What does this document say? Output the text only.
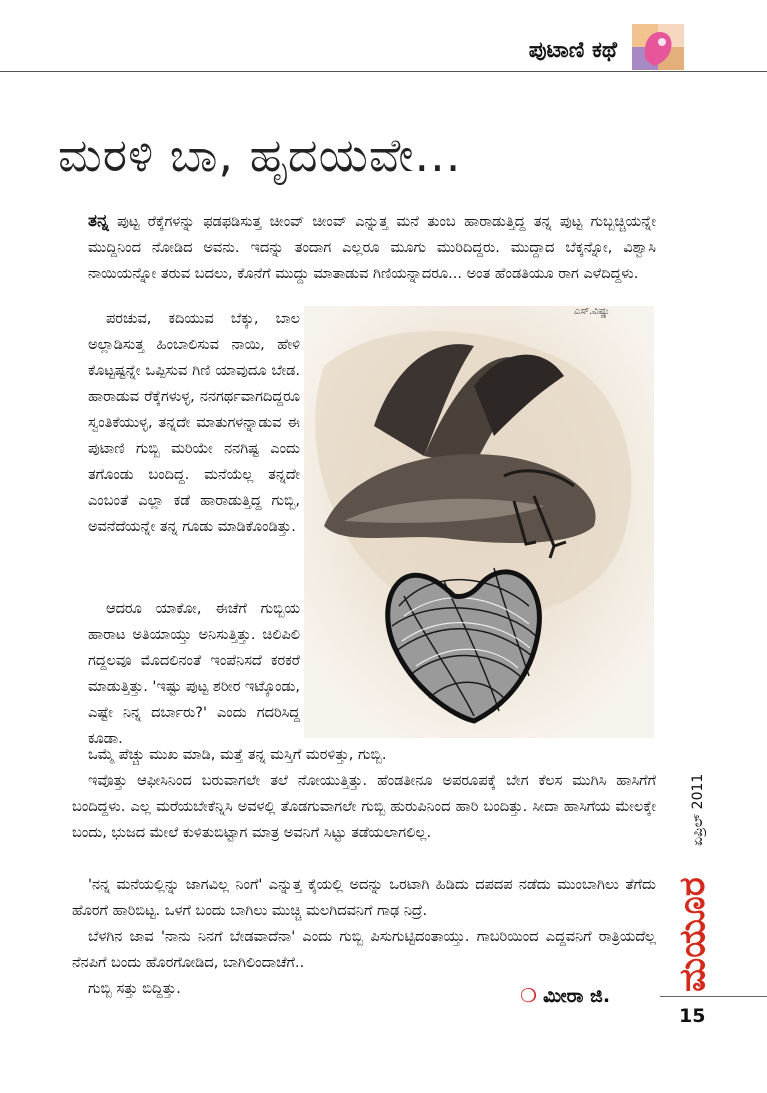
ಪುಟಾಣಿ ಕಥೆ
ಮರಳಿ ಬಾ, ಹೃದಯವೇ...

ತನ್ನ ಪುಟ್ಟ ರೆಕ್ಕೆಗಳನ್ನು ಫಡಫಡಿಸುತ್ತ ಚೀಂವ್ ಚೀಂವ್ ಎನ್ನುತ್ತ ಮನೆ ತುಂಬ ಹಾರಾಡುತ್ತಿದ್ದ ತನ್ನ ಪುಟ್ಟ ಗುಬ್ಬಚ್ಚಿಯನ್ನೇ ಮುದ್ದಿನಿಂದ ನೋಡಿದ ಅವನು. ಇದನ್ನು ತಂದಾಗ ಎಲ್ಲರೂ ಮೂಗು ಮುರಿದಿದ್ದರು. ಮುದ್ದಾದ ಬೆಕ್ಕನ್ನೋ, ವಿಶ್ವಾಸಿ ನಾಯಿಯನ್ನೋ ತರುವ ಬದಲು, ಕೊನೆಗೆ ಮುದ್ದು ಮಾತಾಡುವ ಗಿಣಿಯನ್ನಾದರೂ... ಅಂತ ಹೆಂಡತಿಯೂ ರಾಗ ಎಳೆದಿದ್ದಳು.

ಪರಚುವ, ಕದಿಯುವ ಬೆಕ್ಕು, ಬಾಲ ಅಲ್ಲಾಡಿಸುತ್ತ ಹಿಂಬಾಲಿಸುವ ನಾಯಿ, ಹೇಳಿ ಕೊಟ್ಟಷ್ಟನ್ನೇ ಒಪ್ಪಿಸುವ ಗಿಣಿ ಯಾವುದೂ ಬೇಡ. ಹಾರಾಡುವ ರೆಕ್ಕೆಗಳುಳ್ಳ, ನನಗರ್ಥವಾಗದಿದ್ದರೂ ಸ್ವಂತಿಕೆಯುಳ್ಳ, ತನ್ನದೇ ಮಾತುಗಳನ್ನಾಡುವ ಈ ಪುಟಾಣಿ ಗುಬ್ಬಿ ಮರಿಯೇ ನನಗಿಷ್ಟ ಎಂದು ತಗೊಂಡು ಬಂದಿದ್ದ. ಮನೆಯೆಲ್ಲ ತನ್ನದೇ ಎಂಬಂತೆ ಎಲ್ಲಾ ಕಡೆ ಹಾರಾಡುತ್ತಿದ್ದ ಗುಬ್ಬಿ, ಅವನೆದೆಯನ್ನೇ ತನ್ನ ಗೂಡು ಮಾಡಿಕೊಂಡಿತ್ತು.

ಆದರೂ ಯಾಕೋ, ಈಚೆಗೆ ಗುಬ್ಬಿಯ ಹಾರಾಟ ಅತಿಯಾಯ್ತು ಅನಿಸುತ್ತಿತ್ತು. ಚಿಲಿಪಿಲಿ ಗದ್ದಲವೂ ಮೊದಲಿನಂತೆ ಇಂಪೆನಿಸದೆ ಕರಕರೆ ಮಾಡುತ್ತಿತ್ತು. 'ಇಷ್ಟು ಪುಟ್ಟ ಶರೀರ ಇಟ್ಕೊಂಡು, ಎಷ್ಟೇ ನಿನ್ನ ದರ್ಬಾರು?' ಎಂದು ಗದರಿಸಿದ್ದ ಕೂಡಾ.

ಎಸ್.ವಿಷ್ಣು

ಒಮ್ಮೆ ಪೆಚ್ಚು ಮುಖ ಮಾಡಿ, ಮತ್ತೆ ತನ್ನ ಮಸ್ತಿಗೆ ಮರಳಿತ್ತು, ಗುಬ್ಬಿ.

ಇವೊತ್ತು ಆಫೀಸಿನಿಂದ ಬರುವಾಗಲೇ ತಲೆ ನೋಯುತ್ತಿತ್ತು. ಹೆಂಡತೀನೂ ಅಪರೂಪಕ್ಕೆ ಬೇಗ ಕೆಲಸ ಮುಗಿಸಿ ಹಾಸಿಗೆಗೆ ಬಂದಿದ್ದಳು. ಎಲ್ಲ ಮರೆಯಬೇಕೆನ್ನಿಸಿ ಅವಳಲ್ಲಿ ತೊಡಗುವಾಗಲೇ ಗುಬ್ಬಿ ಹುರುಪಿನಿಂದ ಹಾರಿ ಬಂದಿತ್ತು. ಸೀದಾ ಹಾಸಿಗೆಯ ಮೇಲಕ್ಕೇ ಬಂದು, ಭುಜದ ಮೇಲೆ ಕುಳಿತುಬಿಟ್ಟಾಗ ಮಾತ್ರ ಅವನಿಗೆ ಸಿಟ್ಟು ತಡೆಯಲಾಗಲಿಲ್ಲ.

'ನನ್ನ ಮನೆಯಲ್ಲಿನ್ನು ಜಾಗವಿಲ್ಲ ನಿಂಗೆ' ಎನ್ನುತ್ತ ಕೈಯಲ್ಲಿ ಅದನ್ನು ಒರಟಾಗಿ ಹಿಡಿದು ದಪದಪ ನಡೆದು ಮುಂಬಾಗಿಲು ತೆಗೆದು ಹೊರಗೆ ಹಾರಿಬಿಟ್ಟ. ಒಳಗೆ ಬಂದು ಬಾಗಿಲು ಮುಚ್ಚಿ ಮಲಗಿದವನಿಗೆ ಗಾಢ ನಿದ್ರೆ.

ಬೆಳಗಿನ ಜಾವ 'ನಾನು ನಿನಗೆ ಬೇಡವಾದೆನಾ' ಎಂದು ಗುಬ್ಬಿ ಪಿಸುಗುಟ್ಟಿದಂತಾಯ್ತು. ಗಾಬರಿಯಿಂದ ಎದ್ದವನಿಗೆ ರಾತ್ರಿಯದೆಲ್ಲ ನೆನಪಿಗೆ ಬಂದು ಹೊರಗೋಡಿದ, ಬಾಗಿಲಿಂದಾಚೆಗೆ..

ಗುಬ್ಬಿ ಸತ್ತು ಬಿದ್ದಿತ್ತು.	❍ ಮೀರಾ ಜಿ.
ಏಪ್ರಿಲ್ 2011
ಮಯೂರ
15
